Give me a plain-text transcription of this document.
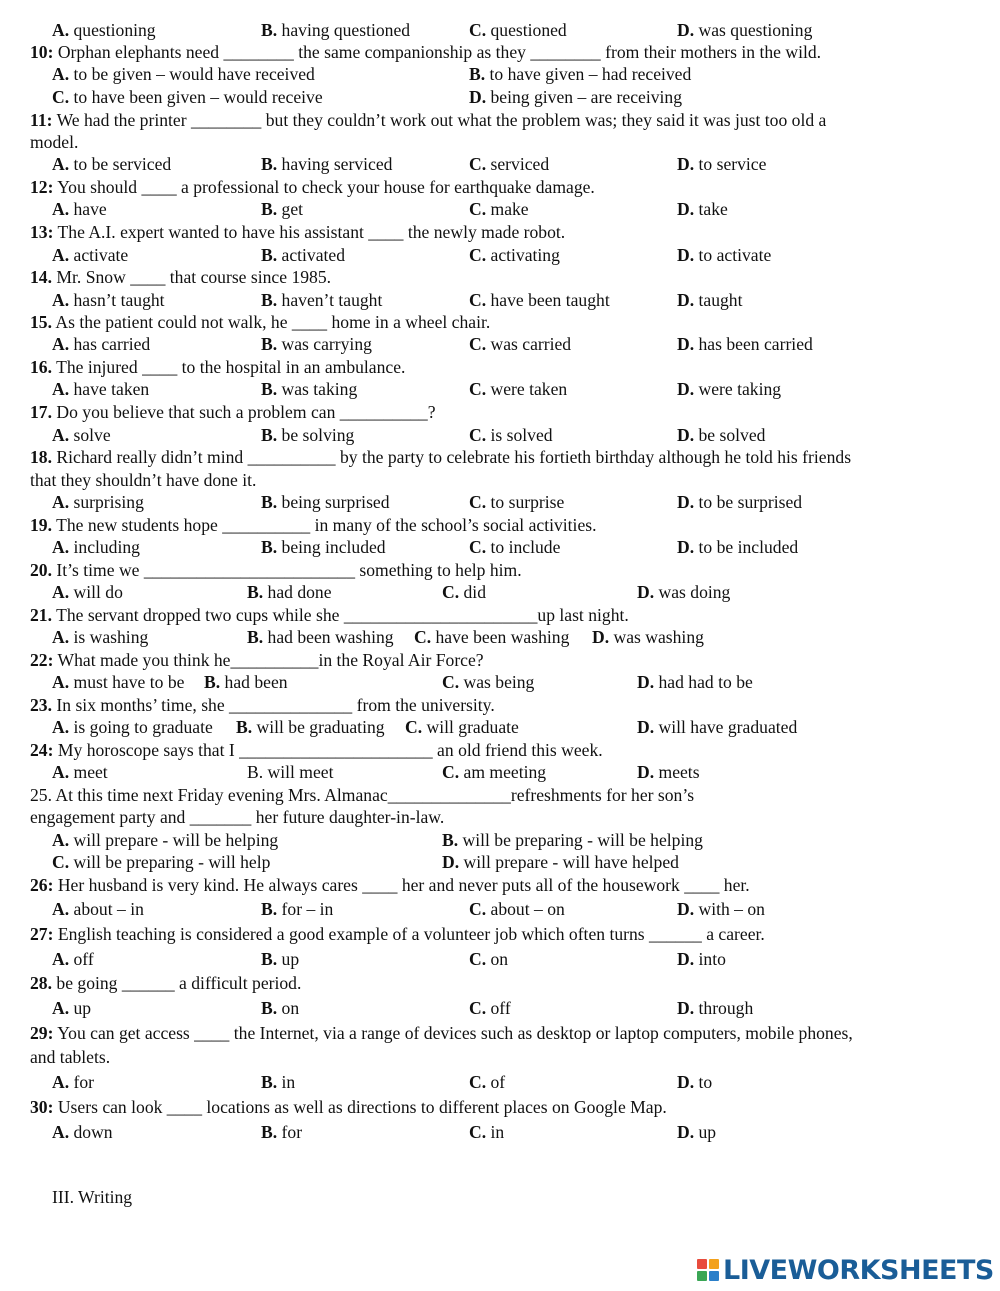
A. questioning	B. having questioned	C. questioned	D. was questioning
10: Orphan elephants need ________ the same companionship as they ________ from their mothers in the wild.
A. to be given – would have received	B. to have given – had received
C. to have been given – would receive	D. being given – are receiving
11: We had the printer ________ but they couldn’t work out what the problem was; they said it was just too old a
model.
A. to be serviced	B. having serviced	C. serviced	D. to service
12: You should ____ a professional to check your house for earthquake damage.
A. have	B. get	C. make	D. take
13: The A.I. expert wanted to have his assistant ____ the newly made robot.
A. activate	B. activated	C. activating	D. to activate
14. Mr. Snow ____ that course since 1985.
A. hasn’t taught	B. haven’t taught	C. have been taught	D. taught
15. As the patient could not walk, he ____ home in a wheel chair.
A. has carried	B. was carrying	C. was carried	D. has been carried
16. The injured ____ to the hospital in an ambulance.
A. have taken	B. was taking	C. were taken	D. were taking
17. Do you believe that such a problem can __________?
A. solve	B. be solving	C. is solved	D. be solved
18. Richard really didn’t mind __________ by the party to celebrate his fortieth birthday although he told his friends
that they shouldn’t have done it.
A. surprising	B. being surprised	C. to surprise	D. to be surprised
19. The new students hope __________ in many of the school’s social activities.
A. including	B. being included	C. to include	D. to be included
20. It’s time we ________________________ something to help him.
A. will do	B. had done	C. did	D. was doing
21. The servant dropped two cups while she ______________________up last night.
A. is washing	B. had been washing C. have been washing D. was washing
22: What made you think he__________in the Royal Air Force?
A. must have to be B. had been	C. was being	D. had had to be
23. In six months’ time, she ______________ from the university.
A. is going to graduate B. will be graduating C. will graduate	D. will have graduated
24: My horoscope says that I ______________________ an old friend this week.
A. meet	B. will meet	C. am meeting	D. meets
25. At this time next Friday evening Mrs. Almanac______________refreshments for her son’s
engagement party and _______ her future daughter-in-law.
A. will prepare - will be helping	B. will be preparing - will be helping
C. will be preparing - will help	D. will prepare - will have helped
26: Her husband is very kind. He always cares ____ her and never puts all of the housework ____ her.
A. about – in	B. for – in	C. about – on	D. with – on
27: English teaching is considered a good example of a volunteer job which often turns ______ a career.
A. off	B. up	C. on	D. into
28. be going ______ a difficult period.
A. up	B. on	C. off	D. through
29: You can get access ____ the Internet, via a range of devices such as desktop or laptop computers, mobile phones,
and tablets.
A. for	B. in	C. of	D. to
30: Users can look ____ locations as well as directions to different places on Google Map.
A. down	B. for	C. in	D. up
III. Writing
LIVEWORKSHEETS
